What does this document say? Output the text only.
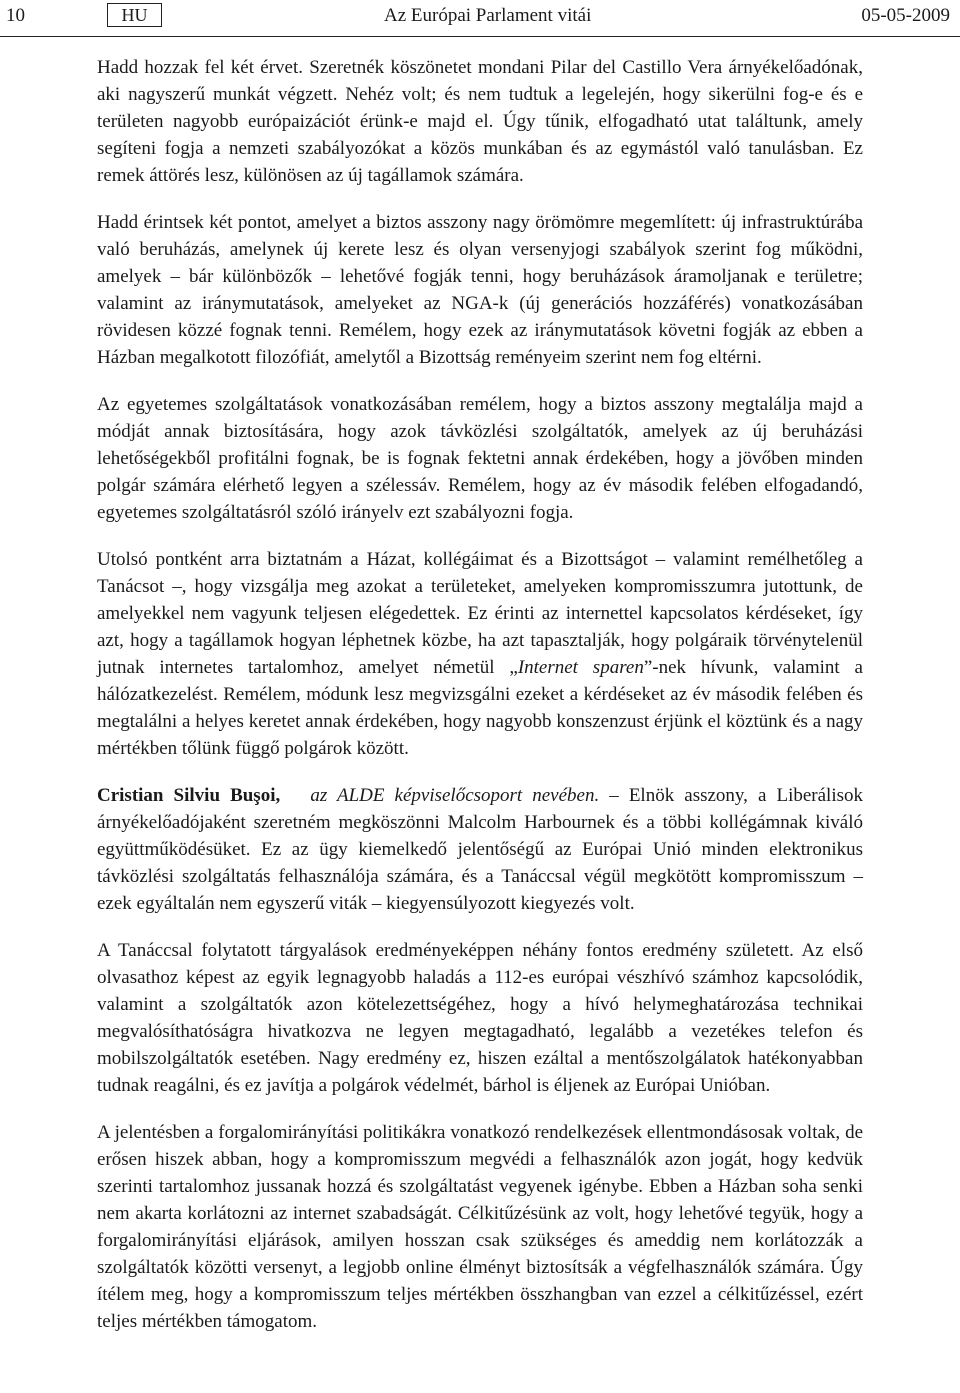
10	HU	Az Európai Parlament vitái	05-05-2009

Hadd hozzak fel két érvet. Szeretnék köszönetet mondani Pilar del Castillo Vera árnyékelőadónak, aki nagyszerű munkát végzett. Nehéz volt; és nem tudtuk a legelején, hogy sikerülni fog-e és e területen nagyobb európaizációt érünk-e majd el. Úgy tűnik, elfogadható utat találtunk, amely segíteni fogja a nemzeti szabályozókat a közös munkában és az egymástól való tanulásban. Ez remek áttörés lesz, különösen az új tagállamok számára.

Hadd érintsek két pontot, amelyet a biztos asszony nagy örömömre megemlített: új infrastruktúrába való beruházás, amelynek új kerete lesz és olyan versenyjogi szabályok szerint fog működni, amelyek – bár különbözők – lehetővé fogják tenni, hogy beruházások áramoljanak e területre; valamint az iránymutatások, amelyeket az NGA-k (új generációs hozzáférés) vonatkozásában rövidesen közzé fognak tenni. Remélem, hogy ezek az iránymutatások követni fogják az ebben a Házban megalkotott filozófiát, amelytől a Bizottság reményeim szerint nem fog eltérni.

Az egyetemes szolgáltatások vonatkozásában remélem, hogy a biztos asszony megtalálja majd a módját annak biztosítására, hogy azok távközlési szolgáltatók, amelyek az új beruházási lehetőségekből profitálni fognak, be is fognak fektetni annak érdekében, hogy a jövőben minden polgár számára elérhető legyen a szélessáv. Remélem, hogy az év második felében elfogadandó, egyetemes szolgáltatásról szóló irányelv ezt szabályozni fogja.

Utolsó pontként arra biztatnám a Házat, kollégáimat és a Bizottságot – valamint remélhetőleg a Tanácsot –, hogy vizsgálja meg azokat a területeket, amelyeken kompromisszumra jutottunk, de amelyekkel nem vagyunk teljesen elégedettek. Ez érinti az internettel kapcsolatos kérdéseket, így azt, hogy a tagállamok hogyan léphetnek közbe, ha azt tapasztalják, hogy polgáraik törvénytelenül jutnak internetes tartalomhoz, amelyet németül „Internet sparen”-nek hívunk, valamint a hálózatkezelést. Remélem, módunk lesz megvizsgálni ezeket a kérdéseket az év második felében és megtalálni a helyes keretet annak érdekében, hogy nagyobb konszenzust érjünk el köztünk és a nagy mértékben tőlünk függő polgárok között.

Cristian Silviu Buşoi, az ALDE képviselőcsoport nevében. – Elnök asszony, a Liberálisok árnyékelőadójaként szeretném megköszönni Malcolm Harbournek és a többi kollégámnak kiváló együttműködésüket. Ez az ügy kiemelkedő jelentőségű az Európai Unió minden elektronikus távközlési szolgáltatás felhasználója számára, és a Tanáccsal végül megkötött kompromisszum – ezek egyáltalán nem egyszerű viták – kiegyensúlyozott kiegyezés volt.

A Tanáccsal folytatott tárgyalások eredményeképpen néhány fontos eredmény született. Az első olvasathoz képest az egyik legnagyobb haladás a 112-es európai vészhívó számhoz kapcsolódik, valamint a szolgáltatók azon kötelezettségéhez, hogy a hívó helymeghatározása technikai megvalósíthatóságra hivatkozva ne legyen megtagadható, legalább a vezetékes telefon és mobilszolgáltatók esetében. Nagy eredmény ez, hiszen ezáltal a mentőszolgálatok hatékonyabban tudnak reagálni, és ez javítja a polgárok védelmét, bárhol is éljenek az Európai Unióban.

A jelentésben a forgalomirányítási politikákra vonatkozó rendelkezések ellentmondásosak voltak, de erősen hiszek abban, hogy a kompromisszum megvédi a felhasználók azon jogát, hogy kedvük szerinti tartalomhoz jussanak hozzá és szolgáltatást vegyenek igénybe. Ebben a Házban soha senki nem akarta korlátozni az internet szabadságát. Célkitűzésünk az volt, hogy lehetővé tegyük, hogy a forgalomirányítási eljárások, amilyen hosszan csak szükséges és ameddig nem korlátozzák a szolgáltatók közötti versenyt, a legjobb online élményt biztosítsák a végfelhasználók számára. Úgy ítélem meg, hogy a kompromisszum teljes mértékben összhangban van ezzel a célkitűzéssel, ezért teljes mértékben támogatom.
